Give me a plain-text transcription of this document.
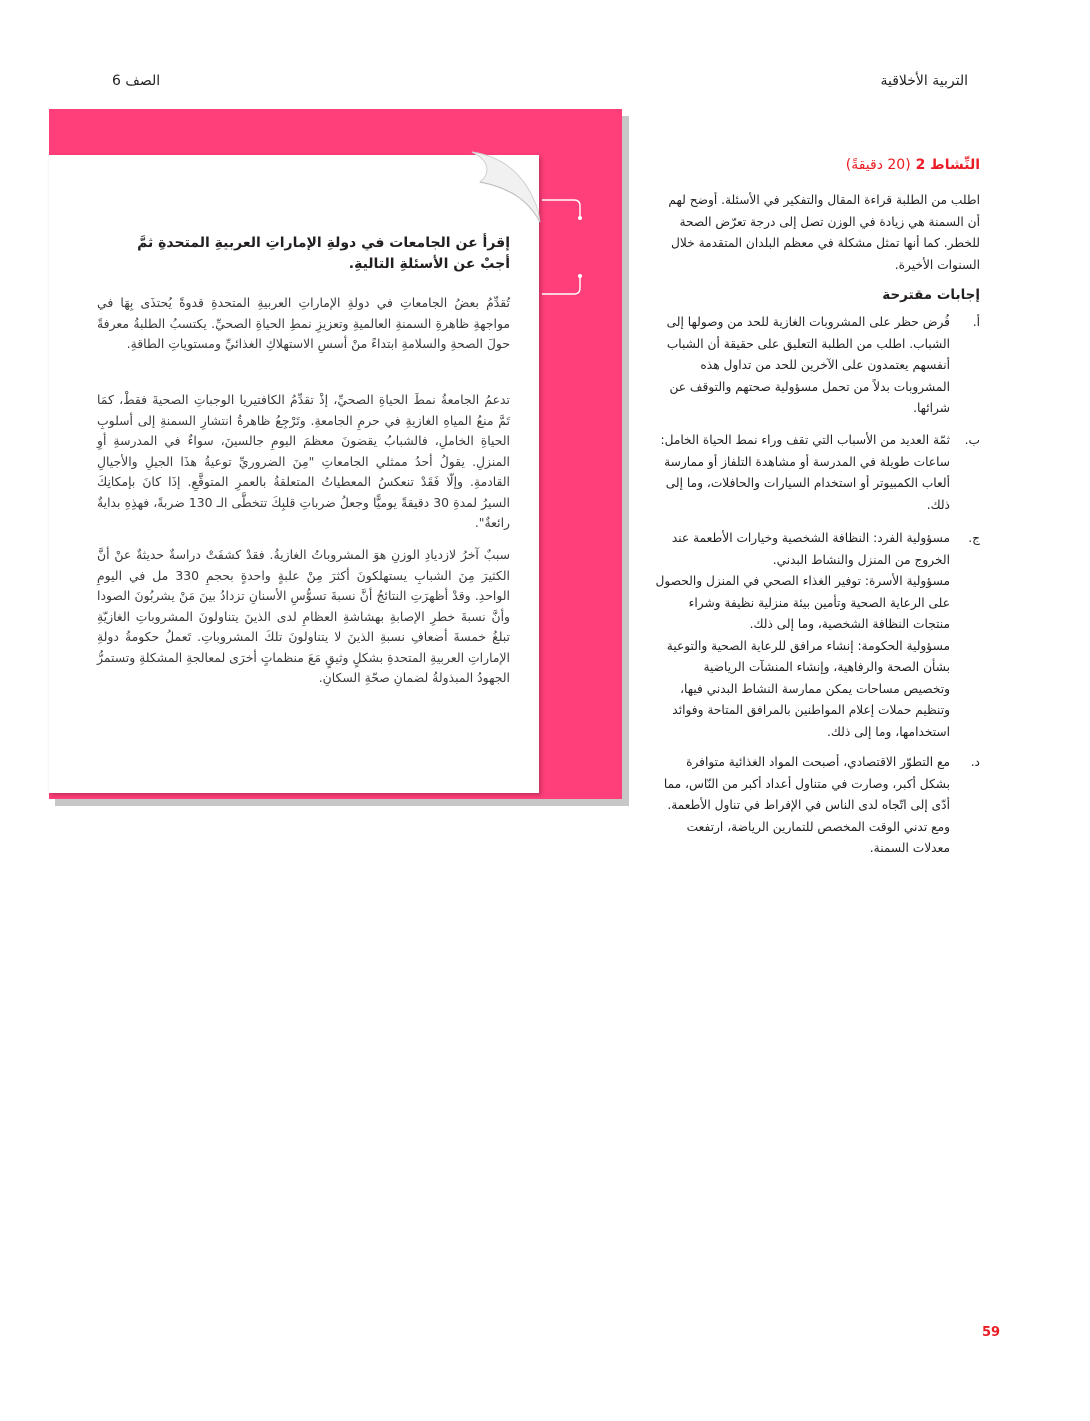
الصف 6	التربية الأخلاقية
النِّشاط 2 (20 دقيقةً)
اطلب من الطلبة قراءة المقال والتفكير في الأسئلة. أوضح لهم أن السمنة هي زيادة في الوزن تصل إلى درجة تعرّض الصحة للخطر. كما أنها تمثل مشكلة في معظم البلدان المتقدمة خلال السنوات الأخيرة.
إجابات مقترحة
أ.
فُرض حظر على المشروبات الغازية للحد من وصولها إلى الشباب. اطلب من الطلبة التعليق على حقيقة أن الشباب أنفسهم يعتمدون على الآخرين للحد من تداول هذه المشروبات بدلاً من تحمل مسؤولية صحتهم والتوقف عن شرائها.
ب.
ثمّة العديد من الأسباب التي تقف وراء نمط الحياة الخامل: ساعات طويلة في المدرسة أو مشاهدة التلفاز أو ممارسة ألعاب الكمبيوتر أو استخدام السيارات والحافلات، وما إلى ذلك.
ج.
مسؤولية الفرد: النظافة الشخصية وخيارات الأطعمة عند الخروج من المنزل والنشاط البدني.
مسؤولية الأسرة: توفير الغذاء الصحي في المنزل والحصول على الرعاية الصحية وتأمين بيئة منزلية نظيفة وشراء منتجات النظافة الشخصية، وما إلى ذلك.
مسؤولية الحكومة: إنشاء مرافق للرعاية الصحية والتوعية بشأن الصحة والرفاهية، وإنشاء المنشآت الرياضية وتخصيص مساحات يمكن ممارسة النشاط البدني فيها، وتنظيم حملات إعلام المواطنين بالمرافق المتاحة وفوائد استخدامها، وما إلى ذلك.
د.
مع التطوّر الاقتصادي، أصبحت المواد الغذائية متوافرة بشكل أكبر، وصارت في متناول أعداد أكبر من النّاس، مما أدّى إلى اتّجاه لدى الناس في الإفراط في تناول الأطعمة. ومع تدني الوقت المخصص للتمارين الرياضة، ارتفعت معدلات السمنة.
2
إقرأ عن الجامعات في دولةِ الإماراتِ العربيةِ المتحدةِ ثمَّ أجبْ عن الأسئلةِ التاليةِ.
تُقدِّمُ بعضُ الجامعاتِ في دولةِ الإماراتِ العربيةِ المتحدةِ قدوةً يُحتذَى بِهَا في مواجهةِ ظاهرةِ السمنةِ العالميةِ وتعزيزِ نمطِ الحياةِ الصحيِّ. يكتسبُ الطلبةُ معرفةً حولَ الصحةِ والسلامةِ ابتداءً منْ أسسِ الاستهلاكِ الغذائيِّ ومستوياتِ الطاقةِ.
تدعمُ الجامعةُ نمطَ الحياةِ الصحيِّ، إذْ تقدِّمُ الكافتيريا الوجباتِ الصحيةَ فقطْ، كمَا تَمَّ منعُ المياهِ الغازيةِ في حرمِ الجامعةِ. وتَرْجِعُ ظاهرةُ انتشارِ السمنةِ إلى أسلوبِ الحياةِ الخاملِ، فالشبابُ يقضونَ معظمَ اليومِ جالسينَ، سواءٌ في المدرسةِ أوِ المنزلِ. يقولُ أحدُ ممثلي الجامعاتِ "مِنَ الضروريِّ توعيةُ هذَا الجيلِ والأجيالِ القادمةِ. وإلّا فَقَدْ تنعكسُ المعطياتُ المتعلقةُ بالعمرِ المتوقَّعِ. إذَا كانَ بإمكانِكَ السيرُ لمدةِ 30 دقيقةً يوميًّا وجعلُ ضرباتِ قلبِكَ تتخطَّى الـ 130 ضربةً، فهذِهِ بدايةٌ رائعةٌ".
سببٌ آخرُ لازديادِ الوزنِ هوَ المشروباتُ الغازيةُ. فقدْ كشفَتْ دراسةٌ حديثةٌ عنْ أنَّ الكثيرَ مِنَ الشبابِ يستهلكونَ أكثرَ مِنْ علبةٍ واحدةٍ بحجمِ 330 مل في اليومِ الواحدِ. وقدْ أظهرَتِ النتائجُ أنَّ نسبةَ تسوُّسِ الأسنانِ تزدادُ بينَ مَنْ يشربُونَ الصودا وأنَّ نسبةَ خطرِ الإصابةِ بهشاشةِ العظامِ لدى الذينَ يتناولونَ المشروباتِ الغازيّةِ تبلغُ خمسةَ أضعافِ نسبةِ الذينَ لا يتناولونَ تلكَ المشروباتِ. تَعملُ حكومةُ دولةِ الإماراتِ العربيةِ المتحدةِ بشكلٍ وثيقٍ مَعَ منظماتٍ أخرَى لمعالجةِ المشكلةِ وتستمرُّ الجهودُ المبذولةُ لضمانِ صحّةِ السكانِ.
59
